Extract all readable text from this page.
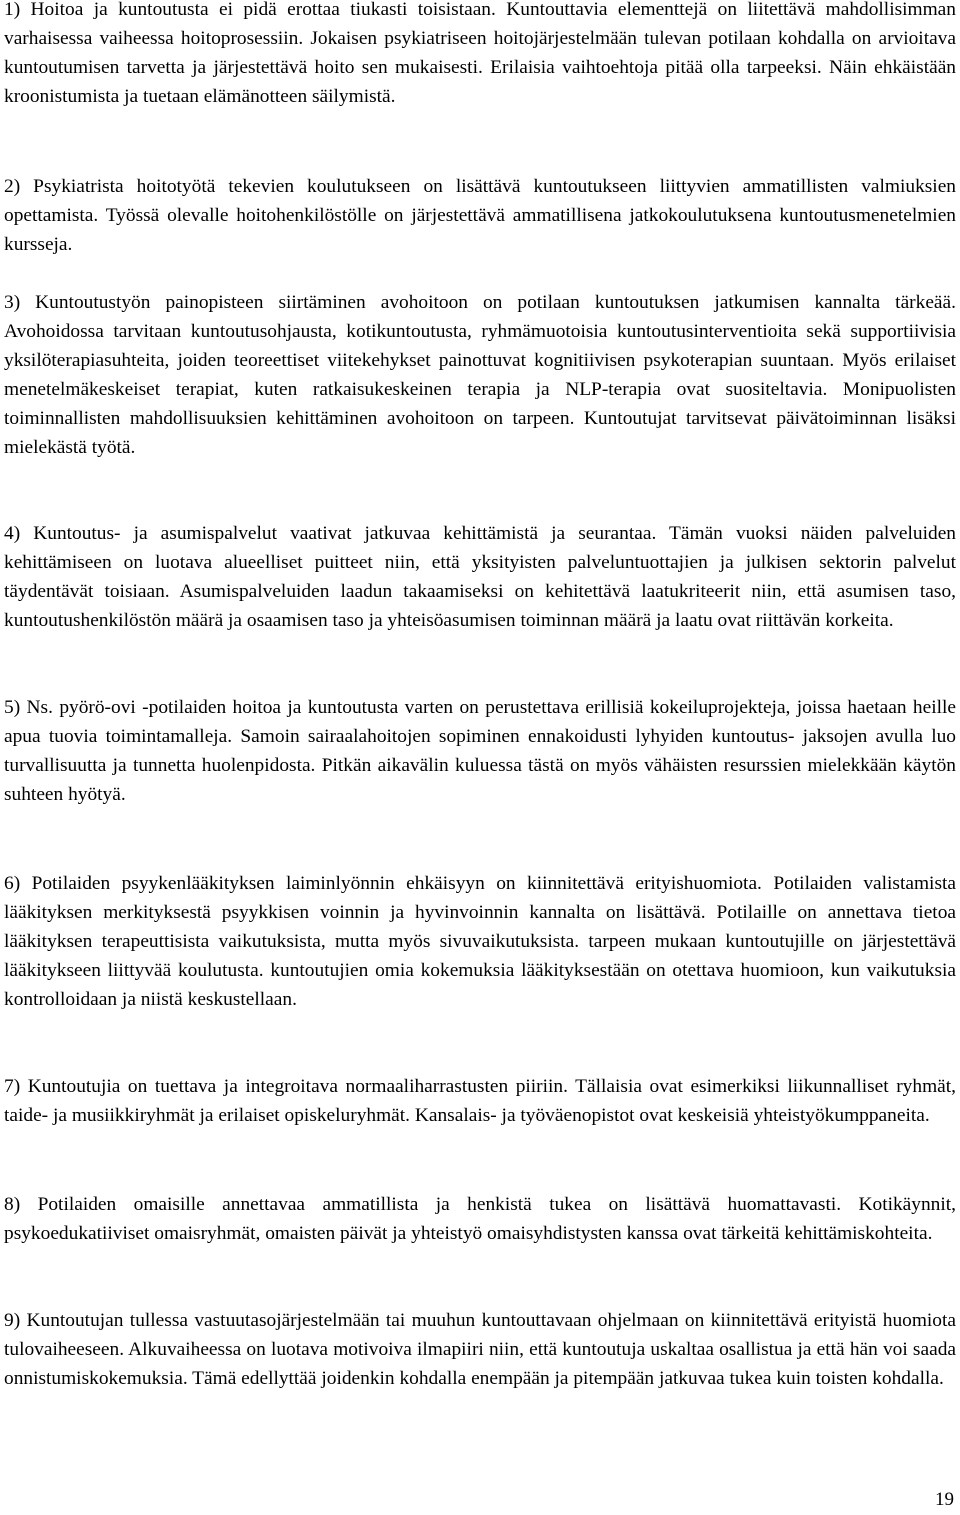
1) Hoitoa ja kuntoutusta ei pidä erottaa tiukasti toisistaan. Kuntouttavia elementtejä on liitettävä mahdollisimman varhaisessa vaiheessa hoitoprosessiin. Jokaisen psykiatriseen hoitojärjestelmään tulevan potilaan kohdalla on arvioitava kuntoutumisen tarvetta ja järjestettävä hoito sen mukaisesti. Erilaisia vaihtoehtoja pitää olla tarpeeksi. Näin ehkäistään kroonistumista ja tuetaan elämänotteen säilymistä.

2) Psykiatrista hoitotyötä tekevien koulutukseen on lisättävä kuntoutukseen liittyvien ammatillisten valmiuksien opettamista. Työssä olevalle hoitohenkilöstölle on järjestettävä ammatillisena jatkokoulutuksena kuntoutusmenetelmien kursseja.

3) Kuntoutustyön painopisteen siirtäminen avohoitoon on potilaan kuntoutuksen jatkumisen kannalta tärkeää. Avohoidossa tarvitaan kuntoutusohjausta, kotikuntoutusta, ryhmämuotoisia kuntoutusinterventioita sekä supportiivisia yksilöterapiasuhteita, joiden teoreettiset viitekehykset painottuvat kognitiivisen psykoterapian suuntaan. Myös erilaiset menetelmäkeskeiset terapiat, kuten ratkaisukeskeinen terapia ja NLP-terapia ovat suositeltavia. Monipuolisten toiminnallisten mahdollisuuksien kehittäminen avohoitoon on tarpeen. Kuntoutujat tarvitsevat päivätoiminnan lisäksi mielekästä työtä.

4) Kuntoutus- ja asumispalvelut vaativat jatkuvaa kehittämistä ja seurantaa. Tämän vuoksi näiden palveluiden kehittämiseen on luotava alueelliset puitteet niin, että yksityisten palveluntuottajien ja julkisen sektorin palvelut täydentävät toisiaan. Asumispalveluiden laadun takaamiseksi on kehitettävä laatukriteerit niin, että asumisen taso, kuntoutushenkilöstön määrä ja osaamisen taso ja yhteisöasumisen toiminnan määrä ja laatu ovat riittävän korkeita.

5) Ns. pyörö-ovi -potilaiden hoitoa ja kuntoutusta varten on perustettava erillisiä kokeiluprojekteja, joissa haetaan heille apua tuovia toimintamalleja. Samoin sairaalahoitojen sopiminen ennakoidusti lyhyiden kuntoutus- jaksojen avulla luo turvallisuutta ja tunnetta huolenpidosta. Pitkän aikavälin kuluessa tästä on myös vähäisten resurssien mielekkään käytön suhteen hyötyä.

6) Potilaiden psyykenlääkityksen laiminlyönnin ehkäisyyn on kiinnitettävä erityishuomiota. Potilaiden valistamista lääkityksen merkityksestä psyykkisen voinnin ja hyvinvoinnin kannalta on lisättävä. Potilaille on annettava tietoa lääkityksen terapeuttisista vaikutuksista, mutta myös sivuvaikutuksista. tarpeen mukaan kuntoutujille on järjestettävä lääkitykseen liittyvää koulutusta. kuntoutujien omia kokemuksia lääkityksestään on otettava huomioon, kun vaikutuksia kontrolloidaan ja niistä keskustellaan.

7) Kuntoutujia on tuettava ja integroitava normaaliharrastusten piiriin. Tällaisia ovat esimerkiksi liikunnalliset ryhmät, taide- ja musiikkiryhmät ja erilaiset opiskeluryhmät. Kansalais- ja työväenopistot ovat keskeisiä yhteistyökumppaneita.

8) Potilaiden omaisille annettavaa ammatillista ja henkistä tukea on lisättävä huomattavasti. Kotikäynnit, psykoedukatiiviset omaisryhmät, omaisten päivät ja yhteistyö omaisyhdistysten kanssa ovat tärkeitä kehittämiskohteita.

9) Kuntoutujan tullessa vastuutasojärjestelmään tai muuhun kuntouttavaan ohjelmaan on kiinnitettävä erityistä huomiota tulovaiheeseen. Alkuvaiheessa on luotava motivoiva ilmapiiri niin, että kuntoutuja uskaltaa osallistua ja että hän voi saada onnistumiskokemuksia. Tämä edellyttää joidenkin kohdalla enempään ja pitempään jatkuvaa tukea kuin toisten kohdalla.

19
